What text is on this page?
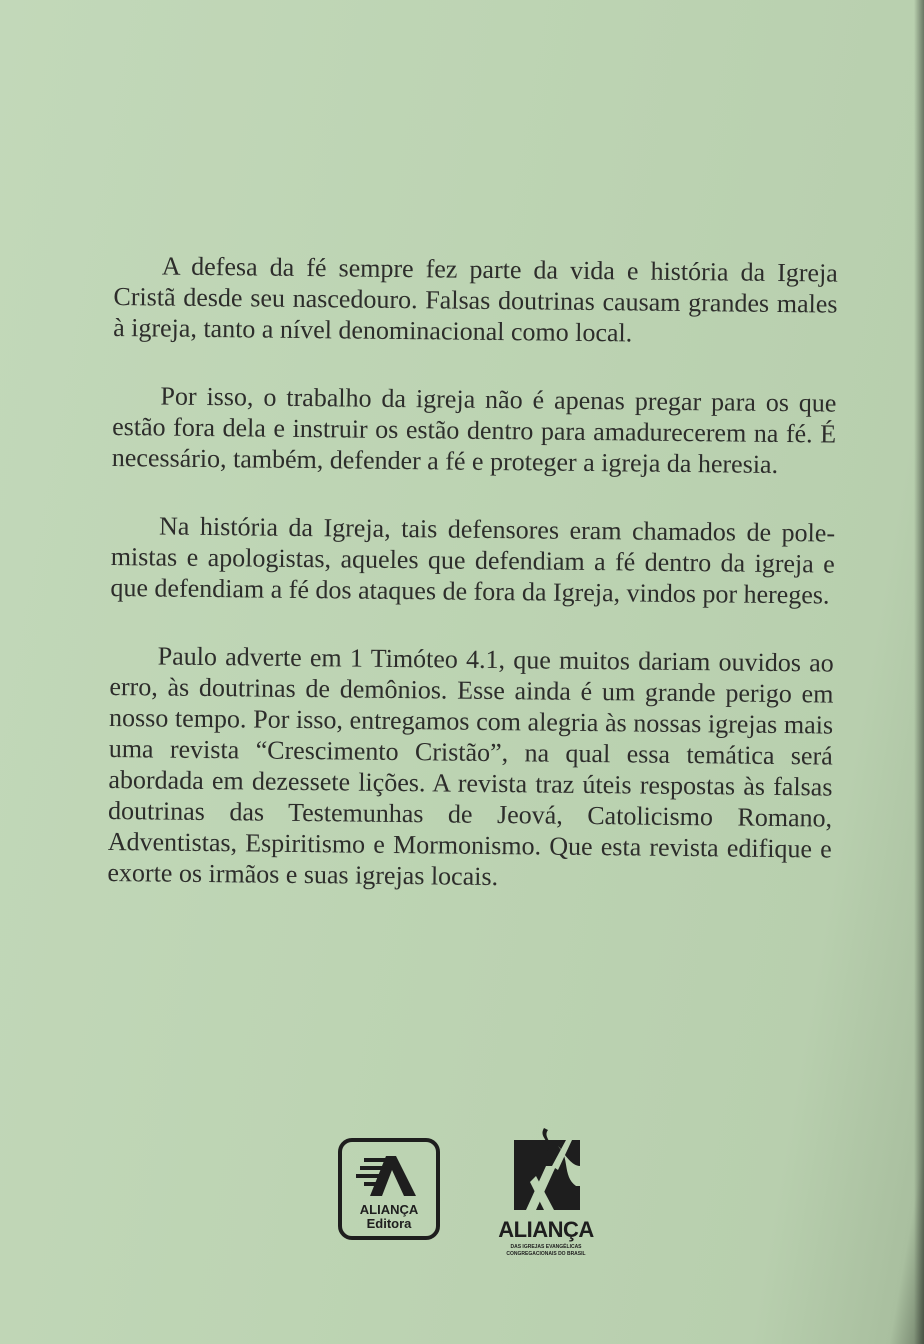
A defesa da fé sempre fez parte da vida e história da Igreja Cristã desde seu nascedouro. Falsas doutrinas causam grandes males à igreja, tanto a nível denominacional como local.

Por isso, o trabalho da igreja não é apenas pregar para os que estão fora dela e instruir os estão dentro para amadurecerem na fé. É necessário, também, defender a fé e proteger a igreja da heresia.

Na história da Igreja, tais defensores eram chamados de polemistas e apologistas, aqueles que defendiam a fé dentro da igreja e que defendiam a fé dos ataques de fora da Igreja, vindos por hereges.

Paulo adverte em 1 Timóteo 4.1, que muitos dariam ouvidos ao erro, às doutrinas de demônios. Esse ainda é um grande perigo em nosso tempo. Por isso, entregamos com alegria às nossas igrejas mais uma revista “Crescimento Cristão”, na qual essa temática será abordada em dezessete lições. A revista traz úteis respostas às falsas doutrinas das Testemunhas de Jeová, Catolicismo Romano, Adventistas, Espiritismo e Mormonismo. Que esta revista edifique e exorte os irmãos e suas igrejas locais.

ALIANÇA
Editora	ALIANÇA
DAS IGREJAS EVANGÉLICAS
CONGREGACIONAIS DO BRASIL
